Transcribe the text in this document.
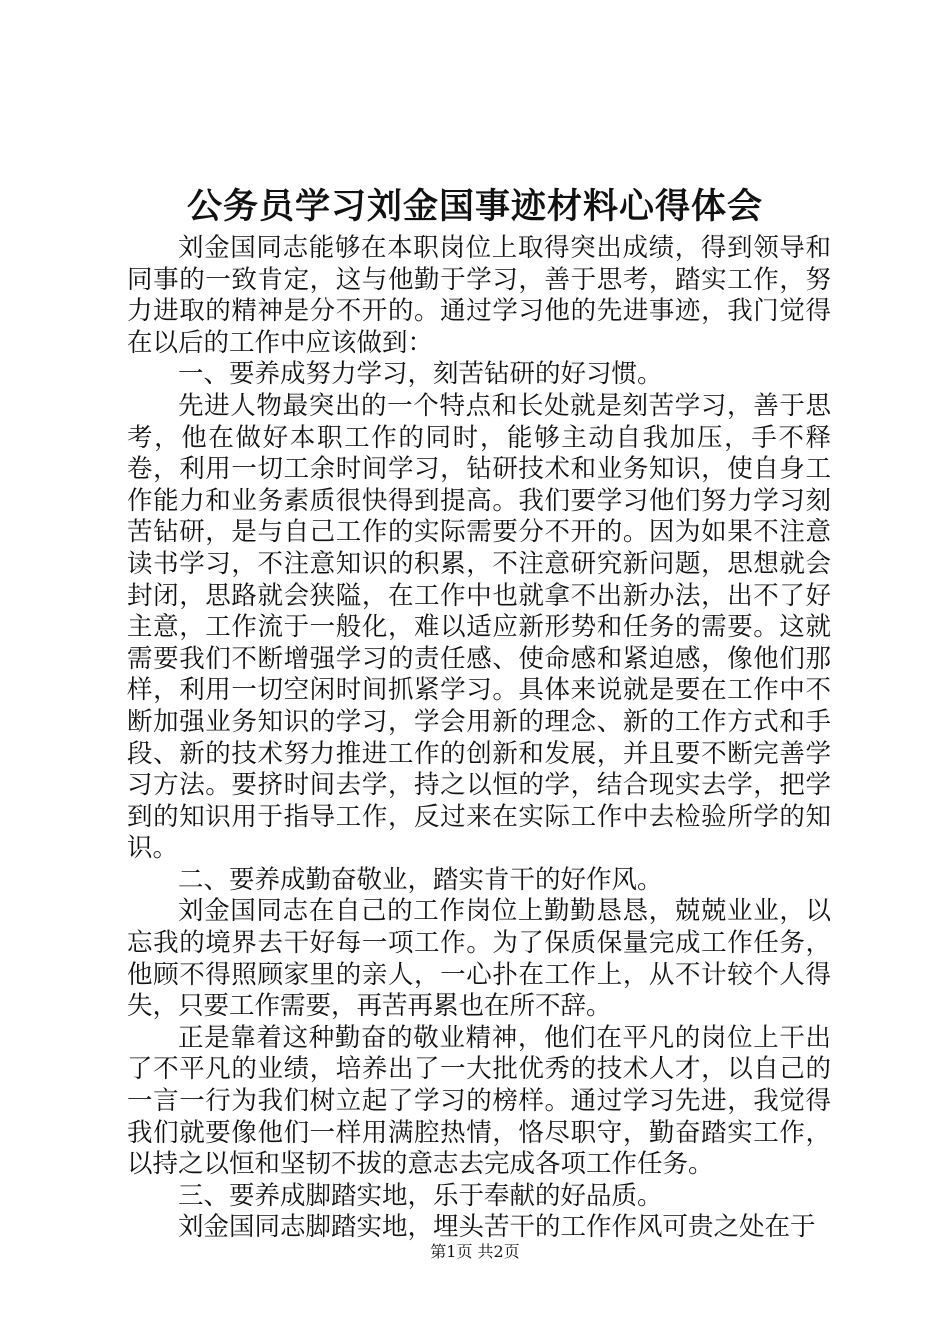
公务员学习刘金国事迹材料心得体会

刘金国同志能够在本职岗位上取得突出成绩，得到领导和同事的一致肯定，这与他勤于学习，善于思考，踏实工作，努力进取的精神是分不开的。通过学习他的先进事迹，我门觉得在以后的工作中应该做到：

一、要养成努力学习，刻苦钻研的好习惯。

先进人物最突出的一个特点和长处就是刻苦学习，善于思考，他在做好本职工作的同时，能够主动自我加压，手不释卷，利用一切工余时间学习，钻研技术和业务知识，使自身工作能力和业务素质很快得到提高。我们要学习他们努力学习刻苦钻研，是与自己工作的实际需要分不开的。因为如果不注意读书学习，不注意知识的积累，不注意研究新问题，思想就会封闭，思路就会狭隘，在工作中也就拿不出新办法，出不了好主意，工作流于一般化，难以适应新形势和任务的需要。这就需要我们不断增强学习的责任感、使命感和紧迫感，像他们那样，利用一切空闲时间抓紧学习。具体来说就是要在工作中不断加强业务知识的学习，学会用新的理念、新的工作方式和手段、新的技术努力推进工作的创新和发展，并且要不断完善学习方法。要挤时间去学，持之以恒的学，结合现实去学，把学到的知识用于指导工作，反过来在实际工作中去检验所学的知识。

二、要养成勤奋敬业，踏实肯干的好作风。

刘金国同志在自己的工作岗位上勤勤恳恳，兢兢业业，以忘我的境界去干好每一项工作。为了保质保量完成工作任务，他顾不得照顾家里的亲人，一心扑在工作上，从不计较个人得失，只要工作需要，再苦再累也在所不辞。

正是靠着这种勤奋的敬业精神，他们在平凡的岗位上干出了不平凡的业绩，培养出了一大批优秀的技术人才，以自己的一言一行为我们树立起了学习的榜样。通过学习先进，我觉得我们就要像他们一样用满腔热情，恪尽职守，勤奋踏实工作，以持之以恒和坚韧不拔的意志去完成各项工作任务。

三、要养成脚踏实地，乐于奉献的好品质。

刘金国同志脚踏实地，埋头苦干的工作作风可贵之处在于

第1页 共2页
